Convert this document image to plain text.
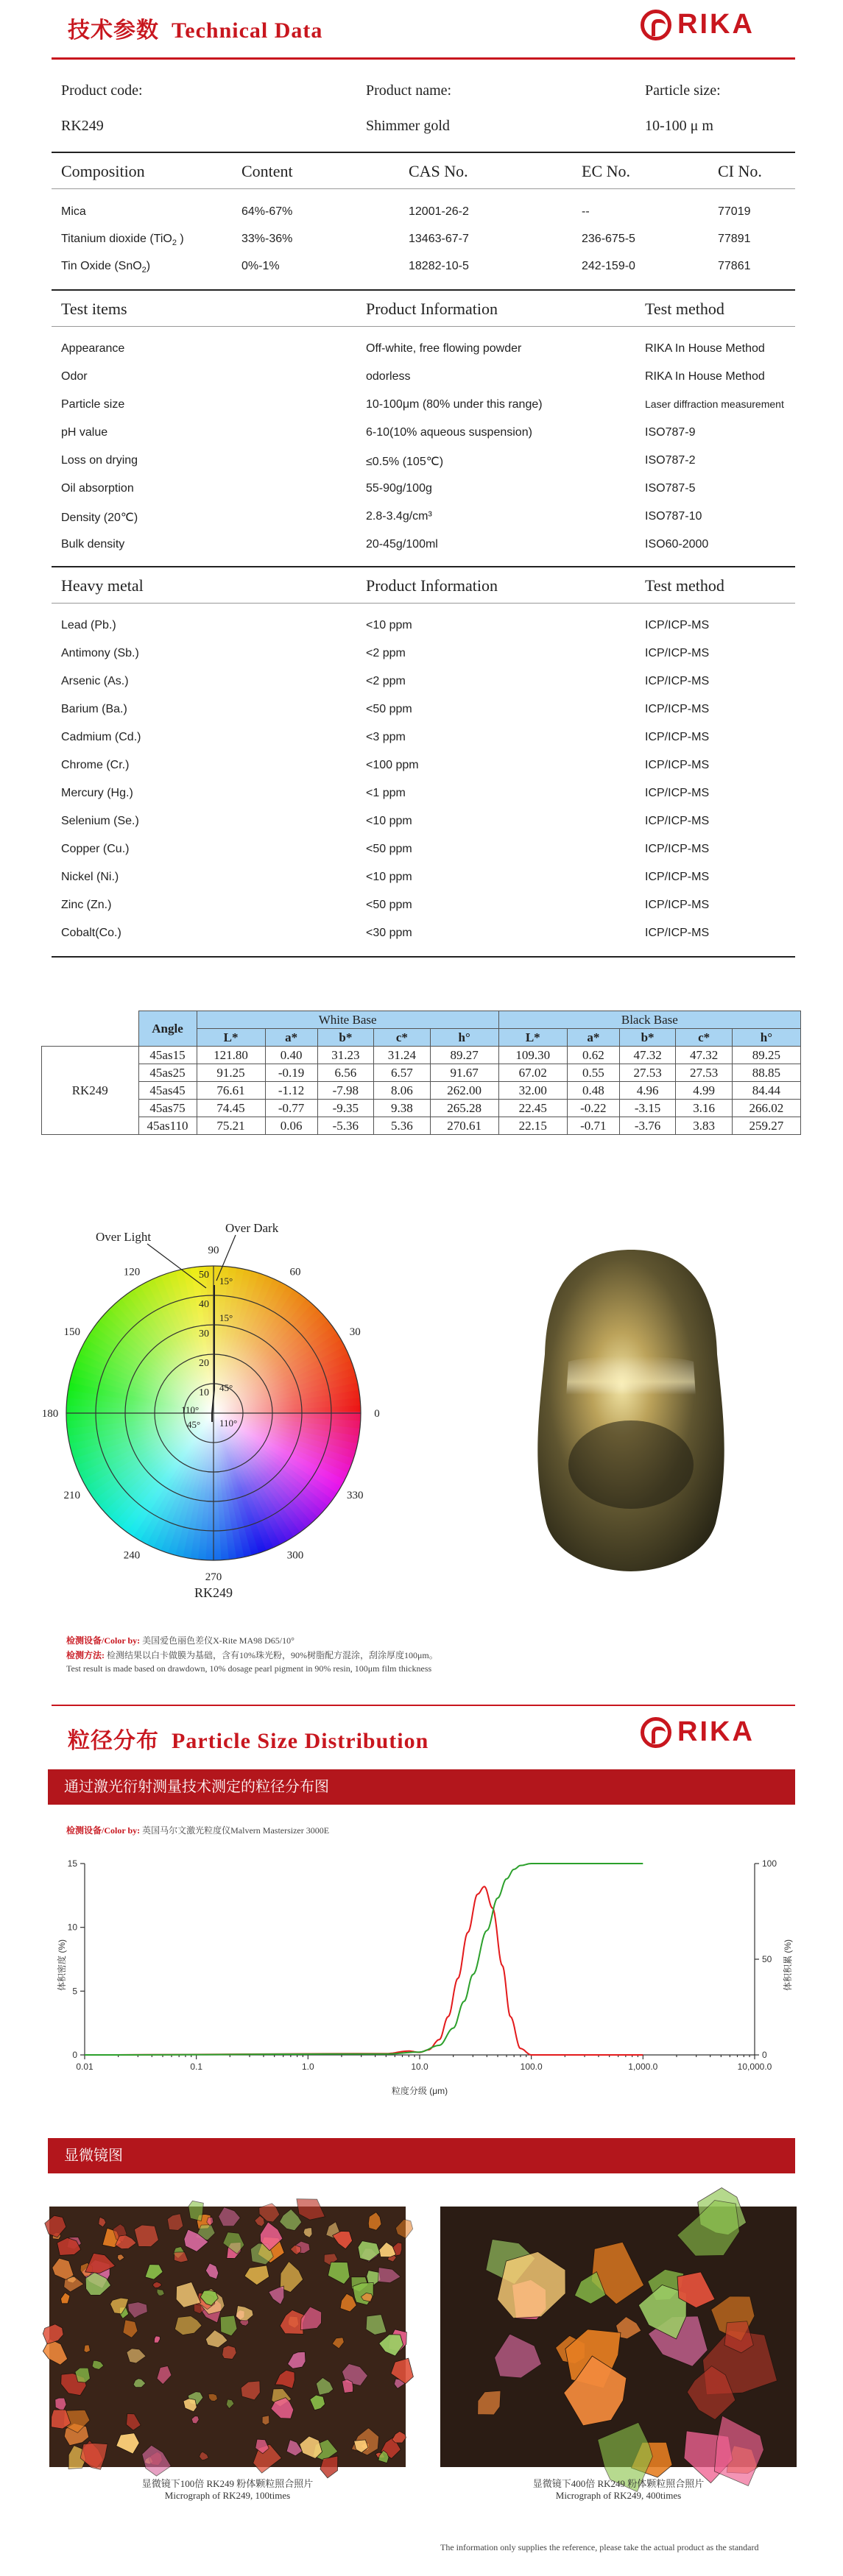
技术参数 Technical Data	RIKA
Product code:	Product name:	Particle size:
RK249	Shimmer gold	10-100 μ m
Composition	Content	CAS No.	EC No.	CI No.
Mica	64%-67%	12001-26-2	--	77019
Titanium dioxide (TiO$_2$ )	33%-36%	13463-67-7	236-675-5	77891
Tin Oxide (SnO$_2$)	0%-1%	18282-10-5	242-159-0	77861
Test items	Product Information	Test method
Appearance	Off-white, free flowing powder	RIKA In House Method
Odor	odorless	RIKA In House Method
Particle size	10-100μm (80% under this range)	Laser diffraction measurement
pH value	6-10(10% aqueous suspension)	ISO787-9
Loss on drying	≤0.5% (105℃)	ISO787-2
Oil absorption	55-90g/100g	ISO787-5
Density (20℃)	2.8-3.4g/cm³	ISO787-10
Bulk density	20-45g/100ml	ISO60-2000
Heavy metal	Product Information	Test method
Lead (Pb.)	<10 ppm	ICP/ICP-MS
Antimony (Sb.)	<2 ppm	ICP/ICP-MS
Arsenic (As.)	<2 ppm	ICP/ICP-MS
Barium (Ba.)	<50 ppm	ICP/ICP-MS
Cadmium (Cd.)	<3 ppm	ICP/ICP-MS
Chrome (Cr.)	<100 ppm	ICP/ICP-MS
Mercury (Hg.)	<1 ppm	ICP/ICP-MS
Selenium (Se.)	<10 ppm	ICP/ICP-MS
Copper (Cu.)	<50 ppm	ICP/ICP-MS
Nickel (Ni.)	<10 ppm	ICP/ICP-MS
Zinc (Zn.)	<50 ppm	ICP/ICP-MS
Cobalt(Co.)	<30 ppm	ICP/ICP-MS
	Angle	White Base					Black Base				
		L*	a*	b*	c*	h°	L*	a*	b*	c*	h°
RK249	45as15	121.80	0.40	31.23	31.24	89.27	109.30	0.62	47.32	47.32	89.25
	45as25	91.25	-0.19	6.56	6.57	91.67	67.02	0.55	27.53	27.53	88.85
	45as45	76.61	-1.12	-7.98	8.06	262.00	32.00	0.48	4.96	4.99	84.44
	45as75	74.45	-0.77	-9.35	9.38	265.28	22.45	-0.22	-3.15	3.16	266.02
	45as110	75.21	0.06	-5.36	5.36	270.61	22.15	-0.71	-3.76	3.83	259.27
90
60
30
0
330
300
270
240
210
180
150
120	50
40
30
20
10
15°
15°
45°
110°
110°
45°
Over Light
Over Dark
RK249
检测设备/Color by: 美国爱色丽色差仪X-Rite MA98 D65/10°
检测方法: 检测结果以白卡做膜为基础，含有10%珠光粉，90%树脂配方混涂，刮涂厚度100μm。
Test result is made based on drawdown, 10% dosage pearl pigment in 90% resin, 100μm film thickness
粒径分布 Particle Size Distribution	RIKA
通过激光衍射测量技术测定的粒径分布图
检测设备/Color by: 英国马尔文激光粒度仪Malvern Mastersizer 3000E
0.01	0.1	1.0	10.0	100.0	1,000.0	10,000.0
0
5
10
15
0
50
100
粒度分级 (μm)
体积密度 (%)	体积积累 (%)
显微镜图
显微镜下100倍 RK249 粉体颗粒照合照片
Micrograph of RK249, 100times
显微镜下400倍 RK249 粉体颗粒照合照片
Micrograph of RK249, 400times
The information only supplies the reference, please take the actual product as the standard
